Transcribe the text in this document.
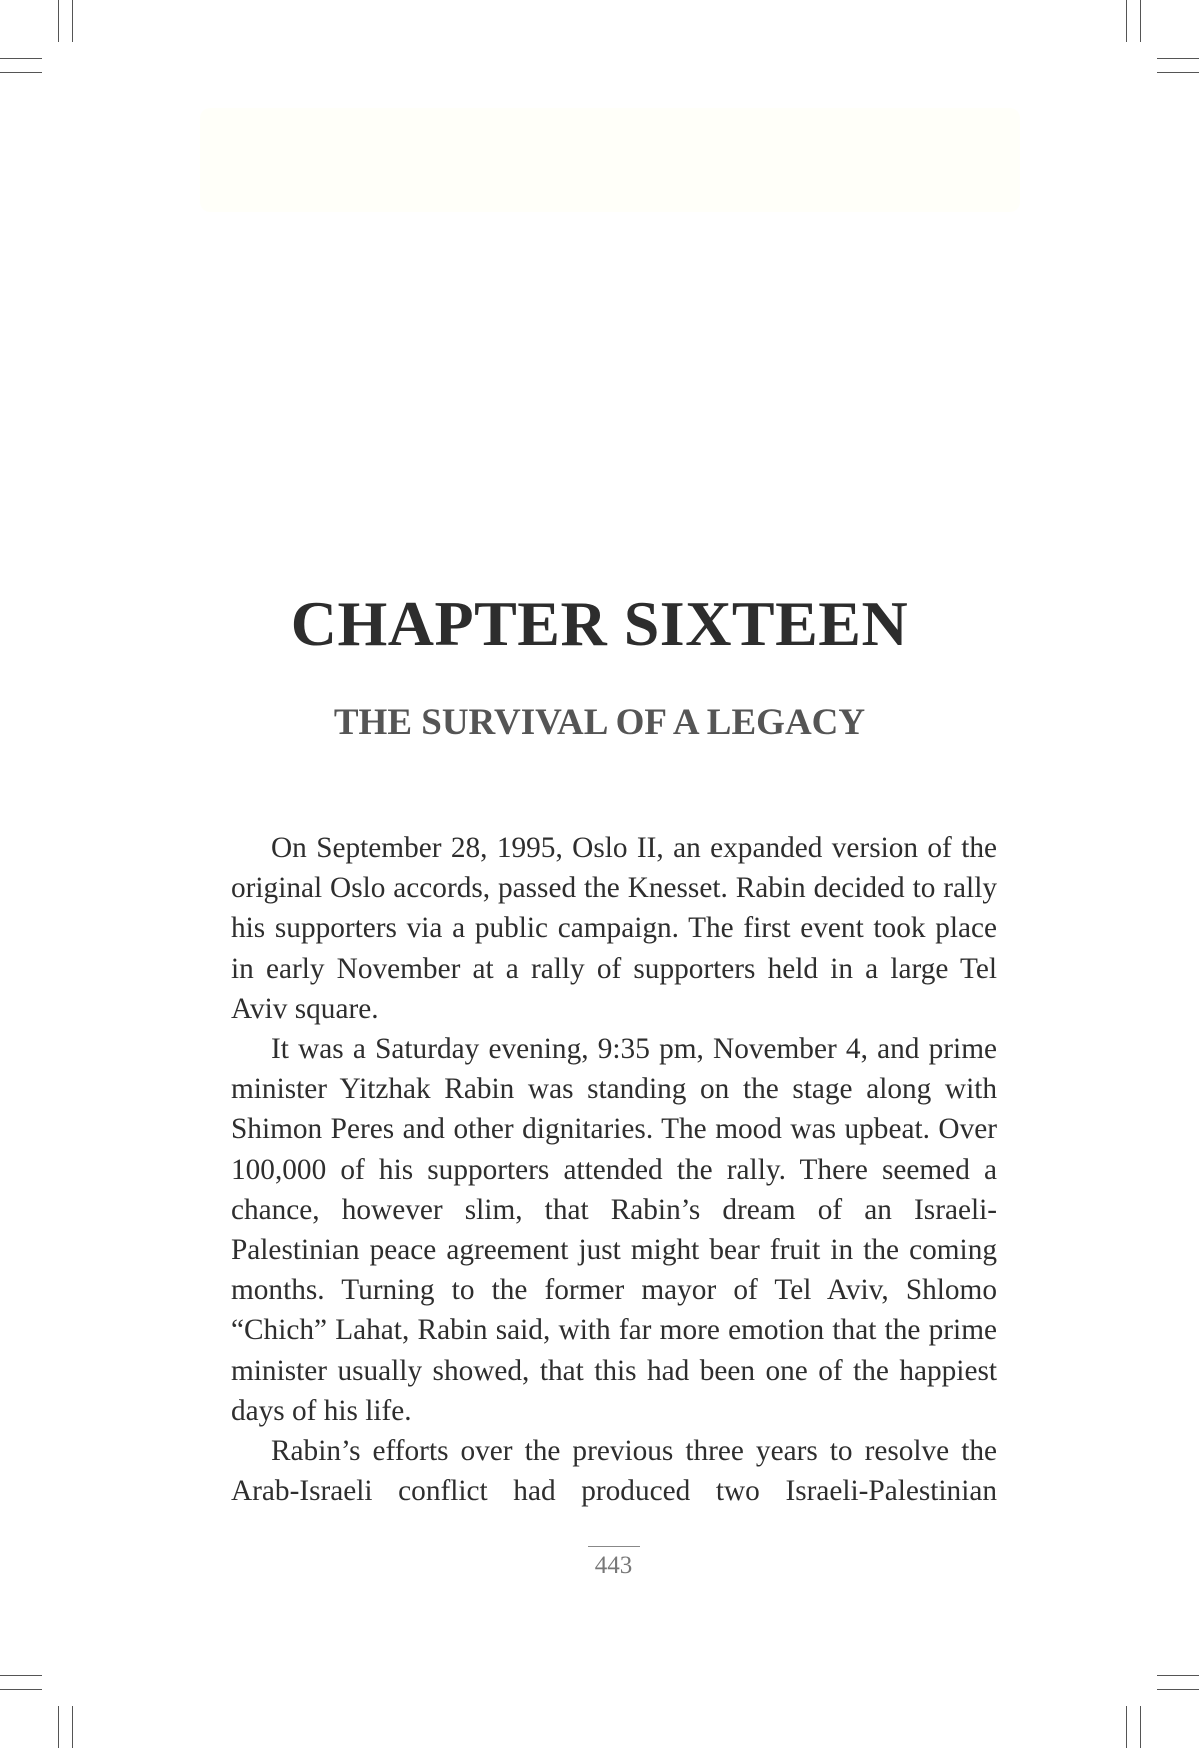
CHAPTER SIXTEEN
THE SURVIVAL OF A LEGACY

On September 28, 1995, Oslo II, an expanded version of the original Oslo accords, passed the Knesset. Rabin decided to rally his supporters via a public campaign. The first event took place in early November at a rally of supporters held in a large Tel Aviv square.

It was a Saturday evening, 9:35 pm, November 4, and prime minister Yitzhak Rabin was standing on the stage along with Shimon Peres and other dignitaries. The mood was upbeat. Over 100,000 of his supporters attended the rally. There seemed a chance, however slim, that Rabin’s dream of an Israeli-Palestinian peace agreement just might bear fruit in the coming months. Turning to the former mayor of Tel Aviv, Shlomo “Chich” Lahat, Rabin said, with far more emotion that the prime minister usually showed, that this had been one of the happiest days of his life.

Rabin’s efforts over the previous three years to resolve the Arab-Israeli conflict had produced two Israeli-Palestinian

443
